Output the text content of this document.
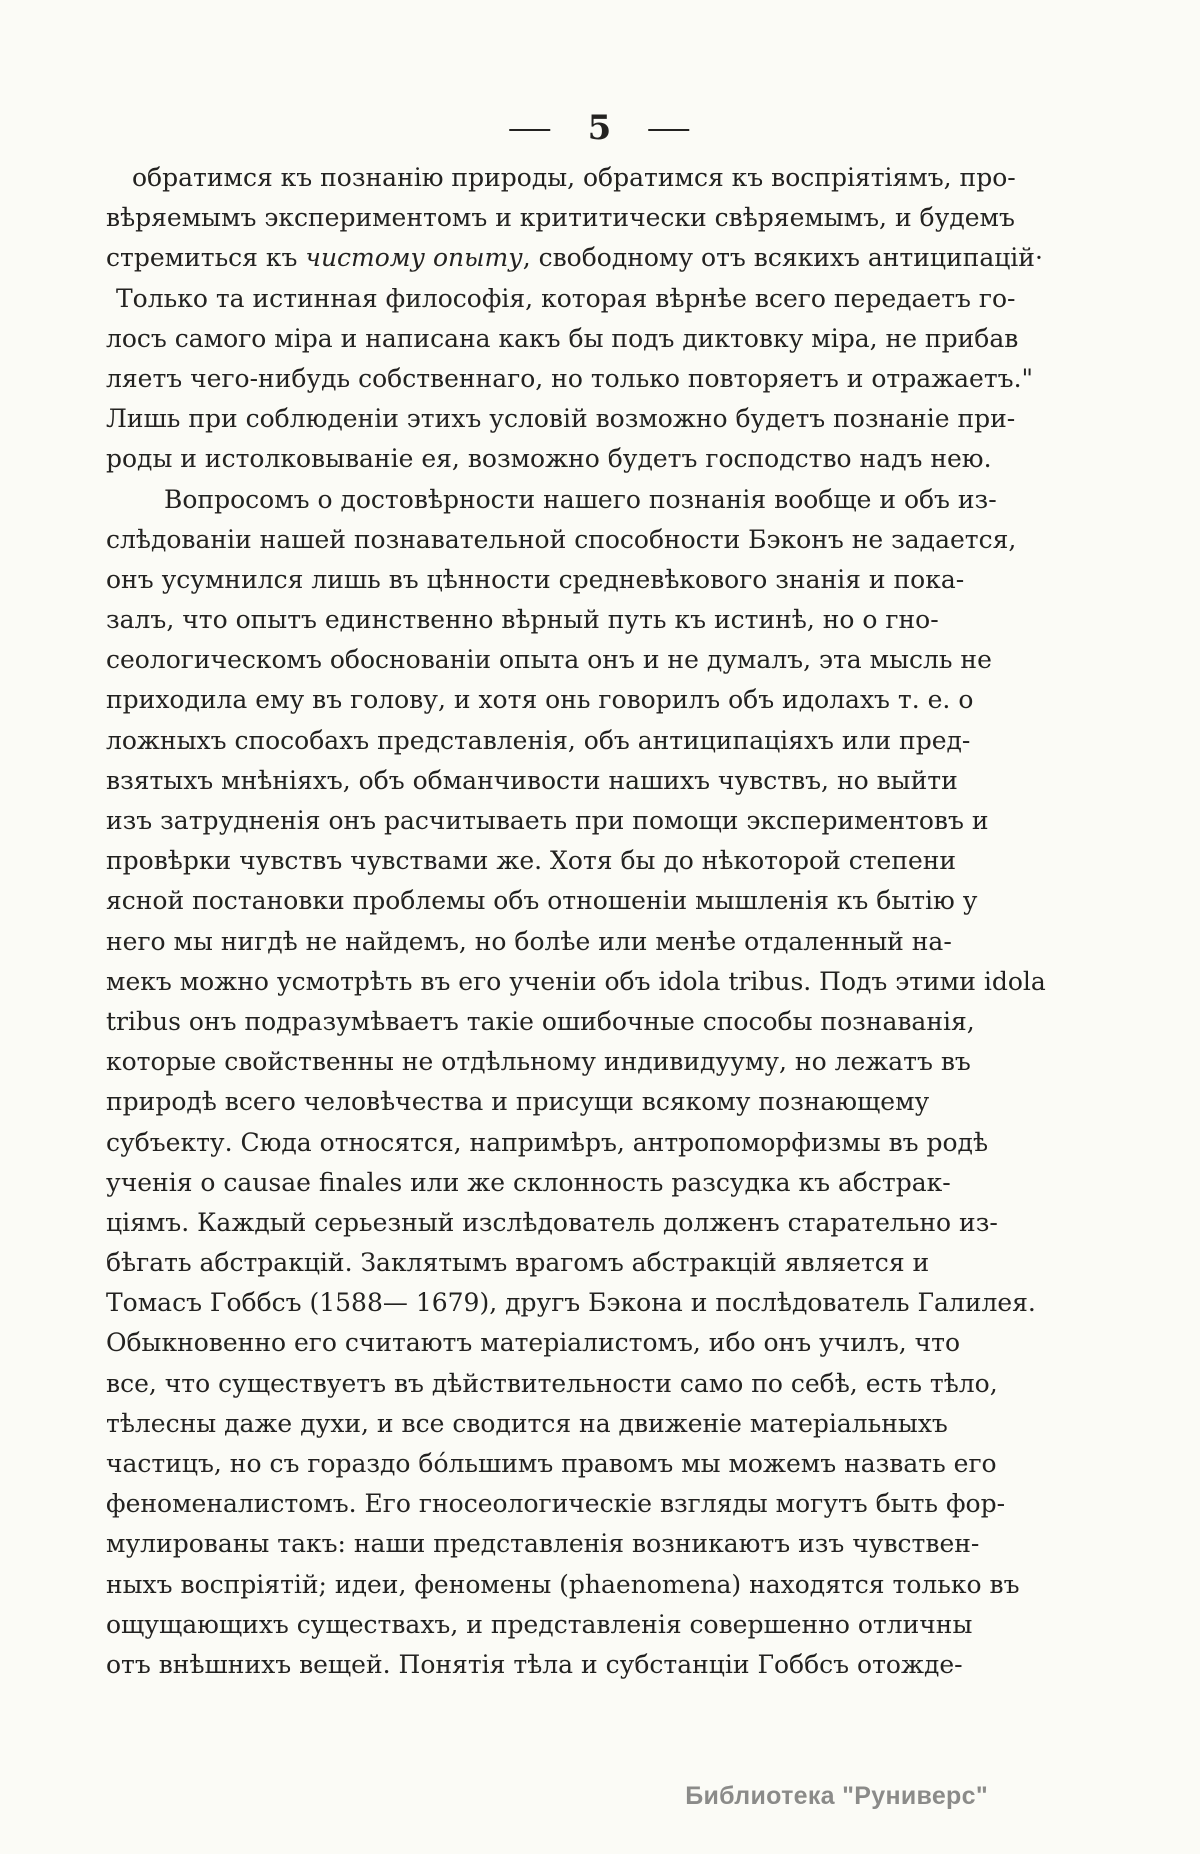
— 5 —
обратимся къ познанію природы, обратимся къ воспріятіямъ, про-
вѣряемымъ экспериментомъ и крититически свѣряемымъ, и будемъ
стремиться къ чистому опыту, свободному отъ всякихъ антиципацій·
Только та истинная философія, которая вѣрнѣе всего передаетъ го-
лосъ самого міра и написана какъ бы подъ диктовку міра, не прибав
ляетъ чего-нибудь собственнаго, но только повторяетъ и отражаетъ."
Лишь при соблюденіи этихъ условій возможно будетъ познаніе при-
роды и истолковываніе ея, возможно будетъ господство надъ нею.
Вопросомъ о достовѣрности нашего познанія вообще и объ из-
слѣдованіи нашей познавательной способности Бэконъ не задается,
онъ усумнился лишь въ цѣнности средневѣкового знанія и пока-
залъ, что опытъ единственно вѣрный путь къ истинѣ, но о гно-
сеологическомъ обоснованіи опыта онъ и не думалъ, эта мысль не
приходила ему въ голову, и хотя онь говорилъ объ идолахъ т. е. о
ложныхъ способахъ представленія, объ антиципаціяхъ или пред-
взятыхъ мнѣніяхъ, объ обманчивости нашихъ чувствъ, но выйти
изъ затрудненія онъ расчитываеть при помощи экспериментовъ и
провѣрки чувствъ чувствами же. Хотя бы до нѣкоторой степени
ясной постановки проблемы объ отношеніи мышленія къ бытію у
него мы нигдѣ не найдемъ, но болѣе или менѣе отдаленный на-
мекъ можно усмотрѣть въ его ученіи объ idola tribus. Подъ этими idola
tribus онъ подразумѣваетъ такіе ошибочные способы познаванія,
которые свойственны не отдѣльному индивидууму, но лежатъ въ
природѣ всего человѣчества и присущи всякому познающему
субъекту. Сюда относятся, напримѣръ, антропоморфизмы въ родѣ
ученія о causae finales или же склонность разсудка къ абстрак-
ціямъ. Каждый серьезный изслѣдователь долженъ старательно из-
бѣгать абстракцій. Заклятымъ врагомъ абстракцій является и
Томасъ Гоббсъ (1588— 1679), другъ Бэкона и послѣдователь Галилея.
Обыкновенно его считаютъ матеріалистомъ, ибо онъ училъ, что
все, что существуетъ въ дѣйствительности само по себѣ, есть тѣло,
тѣлесны даже духи, и все сводится на движеніе матеріальныхъ
частицъ, но съ гораздо бо́льшимъ правомъ мы можемъ назвать его
феноменалистомъ. Его гносеологическіе взгляды могутъ быть фор-
мулированы такъ: наши представленія возникаютъ изъ чувствен-
ныхъ воспріятій; идеи, феномены (phaenomena) находятся только въ
ощущающихъ существахъ, и представленія совершенно отличны
отъ внѣшнихъ вещей. Понятія тѣла и субстанціи Гоббсъ отожде-
Библиотека "Руниверс"
